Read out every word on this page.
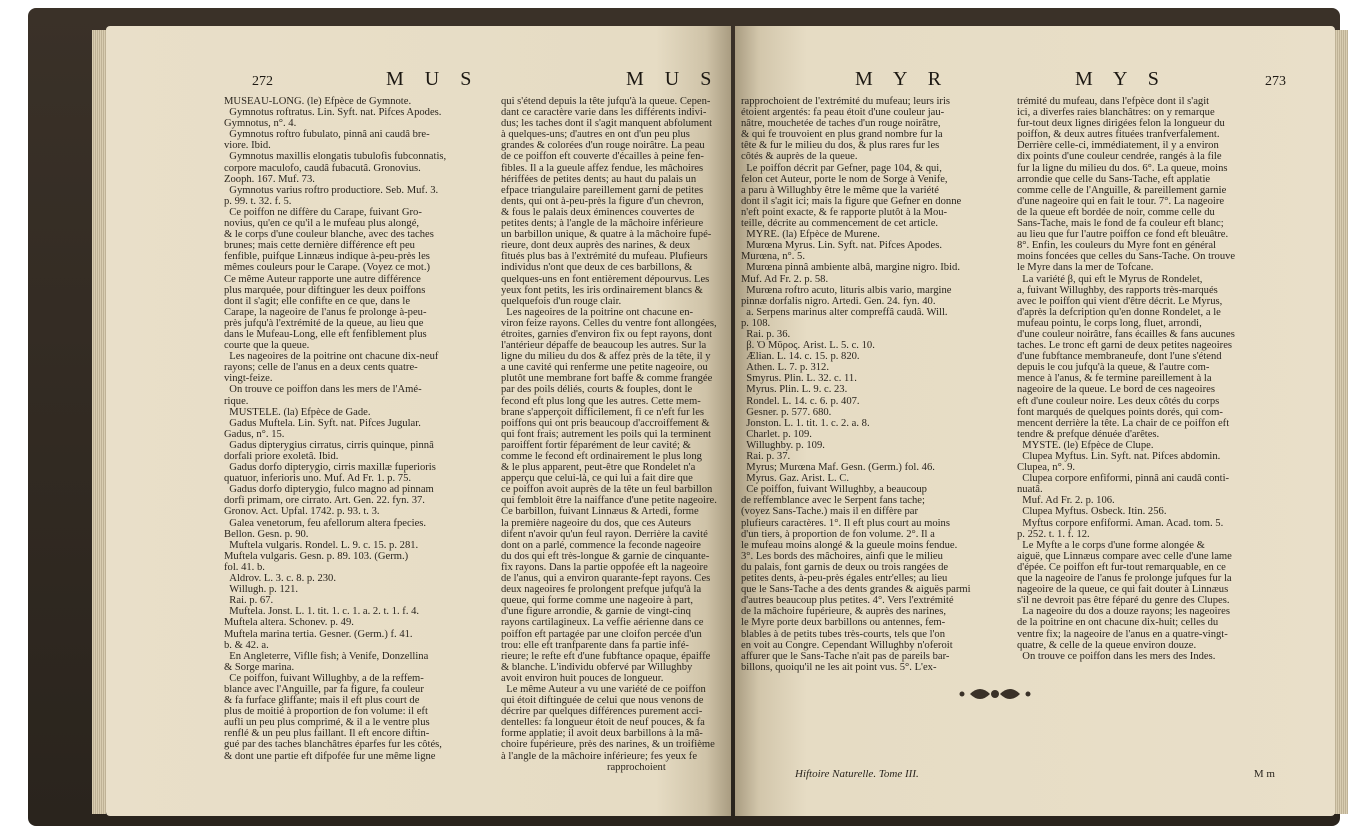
272	M U S	M U S
MUSEAU-LONG. (le) Efpèce de Gymnote.
Gymnotus roftratus. Lin. Syft. nat. Pifces Apodes.
Gymnotus, n°. 4.
Gymnotus roftro fubulato, pinnâ ani caudâ bre-
viore. Ibid.
Gymnotus maxillis elongatis tubulofis fubconnatis,
corpore maculofo, caudâ fubacutâ. Gronovius.
Zooph. 167. Muf. 73.
Gymnotus varius roftro productiore. Seb. Muf. 3.
p. 99. t. 32. f. 5.
Ce poiffon ne diffère du Carape, fuivant Gro-
novius, qu'en ce qu'il a le mufeau plus alongé,
& le corps d'une couleur blanche, avec des taches
brunes; mais cette dernière différence eft peu
fenfible, puifque Linnæus indique à-peu-près les
mêmes couleurs pour le Carape. (Voyez ce mot.)
Ce même Auteur rapporte une autre différence
plus marquée, pour diftinguer les deux poiffons
dont il s'agit; elle confifte en ce que, dans le
Carape, la nageoire de l'anus fe prolonge à-peu-
près jufqu'à l'extrémité de la queue, au lieu que
dans le Mufeau-Long, elle eft fenfiblement plus
courte que la queue.
Les nageoires de la poitrine ont chacune dix-neuf
rayons; celle de l'anus en a deux cents quatre-
vingt-feize.
On trouve ce poiffon dans les mers de l'Amé-
rique.
MUSTELE. (la) Efpèce de Gade.
Gadus Muftela. Lin. Syft. nat. Pifces Jugular.
Gadus, n°. 15.
Gadus dipterygius cirratus, cirris quinque, pinnâ
dorfali priore exoletâ. Ibid.
Gadus dorfo dipterygio, cirris maxillæ fuperioris
quatuor, inferioris uno. Muf. Ad Fr. 1. p. 75.
Gadus dorfo dipterygio, fulco magno ad pinnam
dorfi primam, ore cirrato. Art. Gen. 22. fyn. 37.
Gronov. Act. Upfal. 1742. p. 93. t. 3.
Galea venetorum, feu afellorum altera fpecies.
Bellon. Gesn. p. 90.
Muftela vulgaris. Rondel. L. 9. c. 15. p. 281.
Muftela vulgaris. Gesn. p. 89. 103. (Germ.)
fol. 41. b.
Aldrov. L. 3. c. 8. p. 230.
Willugh. p. 121.
Rai. p. 67.
Muftela. Jonst. L. 1. tit. 1. c. 1. a. 2. t. 1. f. 4.
Muftela altera. Schonev. p. 49.
Muftela marina tertia. Gesner. (Germ.) f. 41.
b. & 42. a.
En Angleterre, Viflle fish; à Venife, Donzellina
& Sorge marina.
Ce poiffon, fuivant Willughby, a de la reffem-
blance avec l'Anguille, par fa figure, fa couleur
& fa furface gliffante; mais il eft plus court de
plus de moitié à proportion de fon volume: il eft
aufli un peu plus comprimé, & il a le ventre plus
renflé & un peu plus faillant. Il eft encore diftin-
gué par des taches blanchâtres éparfes fur les côtés,
& dont une partie eft difpofée fur une même ligne
qui s'étend depuis la tête jufqu'à la queue. Cepen-
dant ce caractère varie dans les différents indivi-
dus; les taches dont il s'agit manquent abfolument
à quelques-uns; d'autres en ont d'un peu plus
grandes & colorées d'un rouge noirâtre. La peau
de ce poiffon eft couverte d'écailles à peine fen-
fibles. Il a la gueule affez fendue, les mâchoires
hériffées de petites dents; au haut du palais un
efpace triangulaire pareillement garni de petites
dents, qui ont à-peu-près la figure d'un chevron,
& fous le palais deux éminences couvertes de
petites dents; à l'angle de la mâchoire inférieure
un barbillon unique, & quatre à la mâchoire fupé-
rieure, dont deux auprès des narines, & deux
fitués plus bas à l'extrémité du mufeau. Plufieurs
individus n'ont que deux de ces barbillons, &
quelques-uns en font entièrement dépourvus. Les
yeux font petits, les iris ordinairement blancs &
quelquefois d'un rouge clair.
Les nageoires de la poitrine ont chacune en-
viron feize rayons. Celles du ventre font allongées,
étroites, garnies d'environ fix ou fept rayons, dont
l'antérieur dépaffe de beaucoup les autres. Sur la
ligne du milieu du dos & affez près de la tête, il y
a une cavité qui renferme une petite nageoire, ou
plutôt une membrane fort baffe & comme frangée
par des poils déliés, courts & fouples, dont le
fecond eft plus long que les autres. Cette mem-
brane s'apperçoit difficilement, fi ce n'eft fur les
poiffons qui ont pris beaucoup d'accroiffement &
qui font frais; autrement les poils qui la terminent
paroiffent fortir féparément de leur cavité; &
comme le fecond eft ordinairement le plus long
& le plus apparent, peut-être que Rondelet n'a
apperçu que celui-là, ce qui lui a fait dire que
ce poiffon avoit auprès de la tête un feul barbillon
qui fembloit être la naiffance d'une petite nageoire.
Ce barbillon, fuivant Linnæus & Artedi, forme
la première nageoire du dos, que ces Auteurs
difent n'avoir qu'un feul rayon. Derrière la cavité
dont on a parlé, commence la feconde nageoire
du dos qui eft très-longue & garnie de cinquante-
fix rayons. Dans la partie oppofée eft la nageoire
de l'anus, qui a environ quarante-fept rayons. Ces
deux nageoires fe prolongent prefque jufqu'à la
queue, qui forme comme une nageoire à part,
d'une figure arrondie, & garnie de vingt-cinq
rayons cartilagineux. La veffie aérienne dans ce
poiffon eft partagée par une cloifon percée d'un
trou: elle eft tranfparente dans fa partie infé-
rieure; le refte eft d'une fubftance opaque, épaiffe
& blanche. L'individu obfervé par Willughby
avoit environ huit pouces de longueur.
Le même Auteur a vu une variété de ce poiffon
qui étoit diftinguée de celui que nous venons de
décrire par quelques différences purement acci-
dentelles: fa longueur étoit de neuf pouces, & fa
forme applatie; il avoit deux barbillons à la mâ-
choire fupérieure, près des narines, & un troifième
à l'angle de la mâchoire inférieure; fes yeux fe
rapprochoient
M Y R	M Y S	273
rapprochoient de l'extrémité du mufeau; leurs iris
étoient argentés: fa peau étoit d'une couleur jau-
nâtre, mouchetée de taches d'un rouge noirâtre,
& qui fe trouvoient en plus grand nombre fur la
tête & fur le milieu du dos, & plus rares fur les
côtés & auprès de la queue.
Le poiffon décrit par Gefner, page 104, & qui,
felon cet Auteur, porte le nom de Sorge à Venife,
a paru à Willughby être le même que la variété
dont il s'agit ici; mais la figure que Gefner en donne
n'eft point exacte, & fe rapporte plutôt à la Mou-
teille, décrite au commencement de cet article.
MYRE. (la) Efpèce de Murene.
Murœna Myrus. Lin. Syft. nat. Pifces Apodes.
Murœna, n°. 5.
Murœna pinnâ ambiente albâ, margine nigro. Ibid.
Muf. Ad Fr. 2. p. 58.
Murœna roftro acuto, lituris albis vario, margine
pinnæ dorfalis nigro. Artedi. Gen. 24. fyn. 40.
a. Serpens marinus alter compreffâ caudâ. Will.
p. 108.
Rai. p. 36.
β. Ὁ Μῦρος. Arist. L. 5. c. 10.
Ælian. L. 14. c. 15. p. 820.
Athen. L. 7. p. 312.
Smyrus. Plin. L. 32. c. 11.
Myrus. Plin. L. 9. c. 23.
Rondel. L. 14. c. 6. p. 407.
Gesner. p. 577. 680.
Jonston. L. 1. tit. 1. c. 2. a. 8.
Charlet. p. 109.
Willughby. p. 109.
Rai. p. 37.
Myrus; Murœna Maf. Gesn. (Germ.) fol. 46.
Myrus. Gaz. Arist. L. C.
Ce poiffon, fuivant Willughby, a beaucoup
de reffemblance avec le Serpent fans tache;
(voyez Sans-Tache.) mais il en diffère par
plufieurs caractères. 1°. Il eft plus court au moins
d'un tiers, à proportion de fon volume. 2°. Il a
le mufeau moins alongé & la gueule moins fendue.
3°. Les bords des mâchoires, ainfi que le milieu
du palais, font garnis de deux ou trois rangées de
petites dents, à-peu-près égales entr'elles; au lieu
que le Sans-Tache a des dents grandes & aiguës parmi
d'autres beaucoup plus petites. 4°. Vers l'extrémité
de la mâchoire fupérieure, & auprès des narines,
le Myre porte deux barbillons ou antennes, fem-
blables à de petits tubes très-courts, tels que l'on
en voit au Congre. Cependant Willughby n'oferoit
affurer que le Sans-Tache n'ait pas de pareils bar-
billons, quoiqu'il ne les ait point vus. 5°. L'ex-
trémité du mufeau, dans l'efpèce dont il s'agit
ici, a diverfes raies blanchâtres: on y remarque
fur-tout deux lignes dirigées felon la longueur du
poiffon, & deux autres fituées tranfverfalement.
Derrière celle-ci, immédiatement, il y a environ
dix points d'une couleur cendrée, rangés à la file
fur la ligne du milieu du dos. 6°. La queue, moins
arrondie que celle du Sans-Tache, eft applatie
comme celle de l'Anguille, & pareillement garnie
d'une nageoire qui en fait le tour. 7°. La nageoire
de la queue eft bordée de noir, comme celle du
Sans-Tache, mais le fond de fa couleur eft blanc;
au lieu que fur l'autre poiffon ce fond eft bleuâtre.
8°. Enfin, les couleurs du Myre font en général
moins foncées que celles du Sans-Tache. On trouve
le Myre dans la mer de Tofcane.
La variété β, qui eft le Myrus de Rondelet,
a, fuivant Willughby, des rapports très-marqués
avec le poiffon qui vient d'être décrit. Le Myrus,
d'après la defcription qu'en donne Rondelet, a le
mufeau pointu, le corps long, fluet, arrondi,
d'une couleur noirâtre, fans écailles & fans aucunes
taches. Le tronc eft garni de deux petites nageoires
d'une fubftance membraneufe, dont l'une s'étend
depuis le cou jufqu'à la queue, & l'autre com-
mence à l'anus, & fe termine pareillement à la
nageoire de la queue. Le bord de ces nageoires
eft d'une couleur noire. Les deux côtés du corps
font marqués de quelques points dorés, qui com-
mencent derrière la tête. La chair de ce poiffon eft
tendre & prefque dénuée d'arêtes.
MYSTE. (le) Efpèce de Clupe.
Clupea Myftus. Lin. Syft. nat. Pifces abdomin.
Clupea, n°. 9.
Clupea corpore enfiformi, pinnâ ani caudâ conti-
nuatâ.
Muf. Ad Fr. 2. p. 106.
Clupea Myftus. Osbeck. Itin. 256.
Myftus corpore enfiformi. Aman. Acad. tom. 5.
p. 252. t. 1. f. 12.
Le Myfte a le corps d'une forme alongée &
aiguë, que Linnæus compare avec celle d'une lame
d'épée. Ce poiffon eft fur-tout remarquable, en ce
que la nageoire de l'anus fe prolonge jufques fur la
nageoire de la queue, ce qui fait douter à Linnæus
s'il ne devroit pas être féparé du genre des Clupes.
La nageoire du dos a douze rayons; les nageoires
de la poitrine en ont chacune dix-huit; celles du
ventre fix; la nageoire de l'anus en a quatre-vingt-
quatre, & celle de la queue environ douze.
On trouve ce poiffon dans les mers des Indes.
Hiftoire Naturelle. Tome III.	M m
